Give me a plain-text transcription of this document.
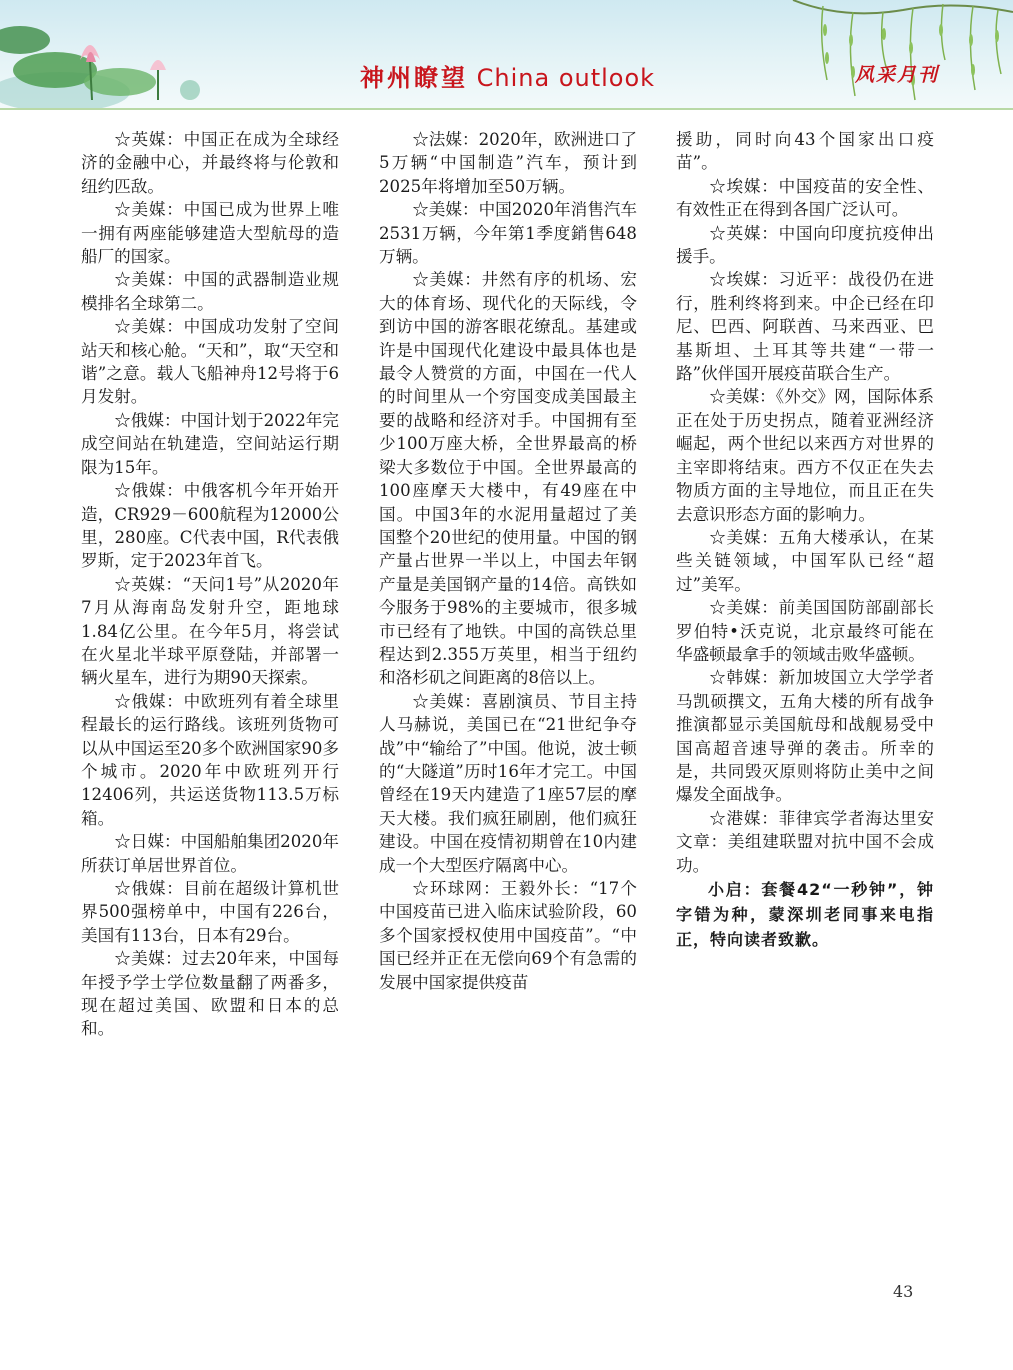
神州瞭望 China outlook	风采月刊

☆英媒：中国正在成为全球经济的金融中心，并最终将与伦敦和纽约匹敌。

☆美媒：中国已成为世界上唯一拥有两座能够建造大型航母的造船厂的国家。

☆美媒：中国的武器制造业规模排名全球第二。

☆美媒：中国成功发射了空间站天和核心舱。“天和”，取“天空和谐”之意。载人飞船神舟12号将于6月发射。

☆俄媒：中国计划于2022年完成空间站在轨建造，空间站运行期限为15年。

☆俄媒：中俄客机今年开始开造，CR929－600航程为12000公里，280座。C代表中国，R代表俄罗斯，定于2023年首飞。

☆英媒：“天问1号”从2020年7月从海南岛发射升空，距地球1.84亿公里。在今年5月，将尝试在火星北半球平原登陆，并部署一辆火星车，进行为期90天探索。

☆俄媒：中欧班列有着全球里程最长的运行路线。该班列货物可以从中国运至20多个欧洲国家90多个城市。2020年中欧班列开行12406列，共运送货物113.5万标箱。

☆日媒：中国船舶集团2020年所获订单居世界首位。

☆俄媒：目前在超级计算机世界500强榜单中，中国有226台，美国有113台，日本有29台。

☆美媒：过去20年来，中国每年授予学士学位数量翻了两番多，现在超过美国、欧盟和日本的总和。

☆法媒：2020年，欧洲进口了5万辆“中国制造”汽车，预计到2025年将增加至50万辆。

☆美媒：中国2020年消售汽车2531万辆，今年第1季度銷售648万辆。

☆美媒：井然有序的机场、宏大的体育场、现代化的天际线，令到访中国的游客眼花缭乱。基建或许是中国现代化建设中最具体也是最令人赞赏的方面，中国在一代人的时间里从一个穷国变成美国最主要的战略和经济对手。中国拥有至少100万座大桥，全世界最高的桥梁大多数位于中国。全世界最高的100座摩天大楼中，有49座在中国。中国3年的水泥用量超过了美国整个20世纪的使用量。中国的钢产量占世界一半以上，中国去年钢产量是美国钢产量的14倍。高铁如今服务于98%的主要城市，很多城市已经有了地铁。中国的高铁总里程达到2.355万英里，相当于纽约和洛杉矶之间距离的8倍以上。

☆美媒：喜剧演员、节目主持人马赫说，美国已在“21世纪争夺战”中“输给了”中国。他说，波士顿的“大隧道”历时16年才完工。中国曾经在19天内建造了1座57层的摩天大楼。我们疯狂刷剧，他们疯狂建设。中国在疫情初期曾在10内建成一个大型医疗隔离中心。

☆环球网：王毅外长：“17个中国疫苗已进入临床试验阶段，60多个国家授权使用中国疫苗”。“中国已经并正在无偿向69个有急需的发展中国家提供疫苗

援助，同时向43个国家出口疫苗”。

☆埃媒：中国疫苗的安全性、有效性正在得到各国广泛认可。

☆英媒：中国向印度抗疫伸出援手。

☆埃媒：习近平：战役仍在进行，胜利终将到来。中企已经在印尼、巴西、阿联酋、马来西亚、巴基斯坦、土耳其等共建“一带一路”伙伴国开展疫苗联合生产。

☆美媒：《外交》网，国际体系正在处于历史拐点，随着亚洲经济崛起，两个世纪以来西方对世界的主宰即将结束。西方不仅正在失去物质方面的主导地位，而且正在失去意识形态方面的影响力。

☆美媒：五角大楼承认，在某些关链领域，中国军队已经“超过”美军。

☆美媒：前美国国防部副部长罗伯特•沃克说，北京最终可能在华盛顿最拿手的领域击败华盛顿。

☆韩媒：新加坡国立大学学者马凯硕撰文，五角大楼的所有战争推演都显示美国航母和战舰易受中国高超音速导弹的袭击。所幸的是，共同毁灭原则将防止美中之间爆发全面战争。

☆港媒：菲律宾学者海达里安文章：美组建联盟对抗中国不会成功。

小启：套餐42“一秒钟”，钟字错为种，蒙深圳老同事来电指正，特向读者致歉。

43
